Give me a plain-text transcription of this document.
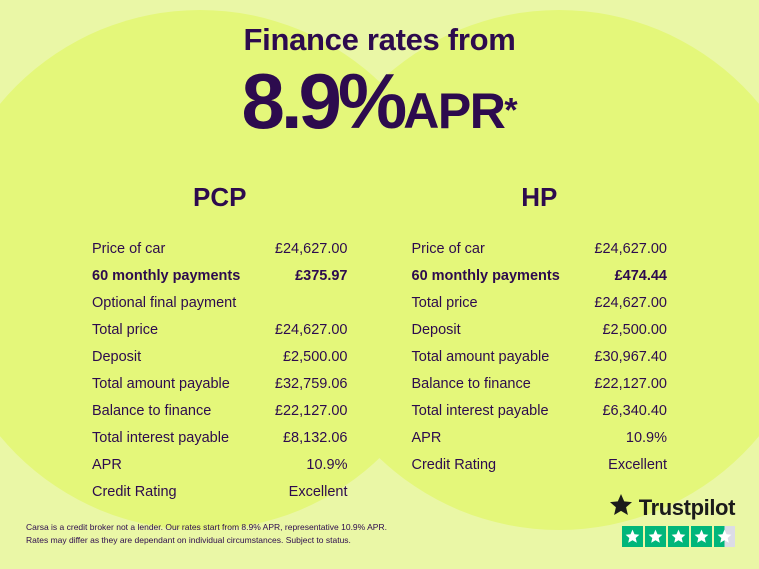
Finance rates from
8.9%APR*
PCP
Price of car	£24,627.00
60 monthly payments	£375.97
Optional final payment
Total price	£24,627.00
Deposit	£2,500.00
Total amount payable	£32,759.06
Balance to finance	£22,127.00
Total interest payable	£8,132.06
APR	10.9%
Credit Rating	Excellent
HP
Price of car	£24,627.00
60 monthly payments	£474.44
Total price	£24,627.00
Deposit	£2,500.00
Total amount payable	£30,967.40
Balance to finance	£22,127.00
Total interest payable	£6,340.40
APR	10.9%
Credit Rating	Excellent
Carsa is a credit broker not a lender. Our rates start from 8.9% APR, representative 10.9% APR.
Rates may differ as they are dependant on individual circumstances. Subject to status.
Trustpilot
